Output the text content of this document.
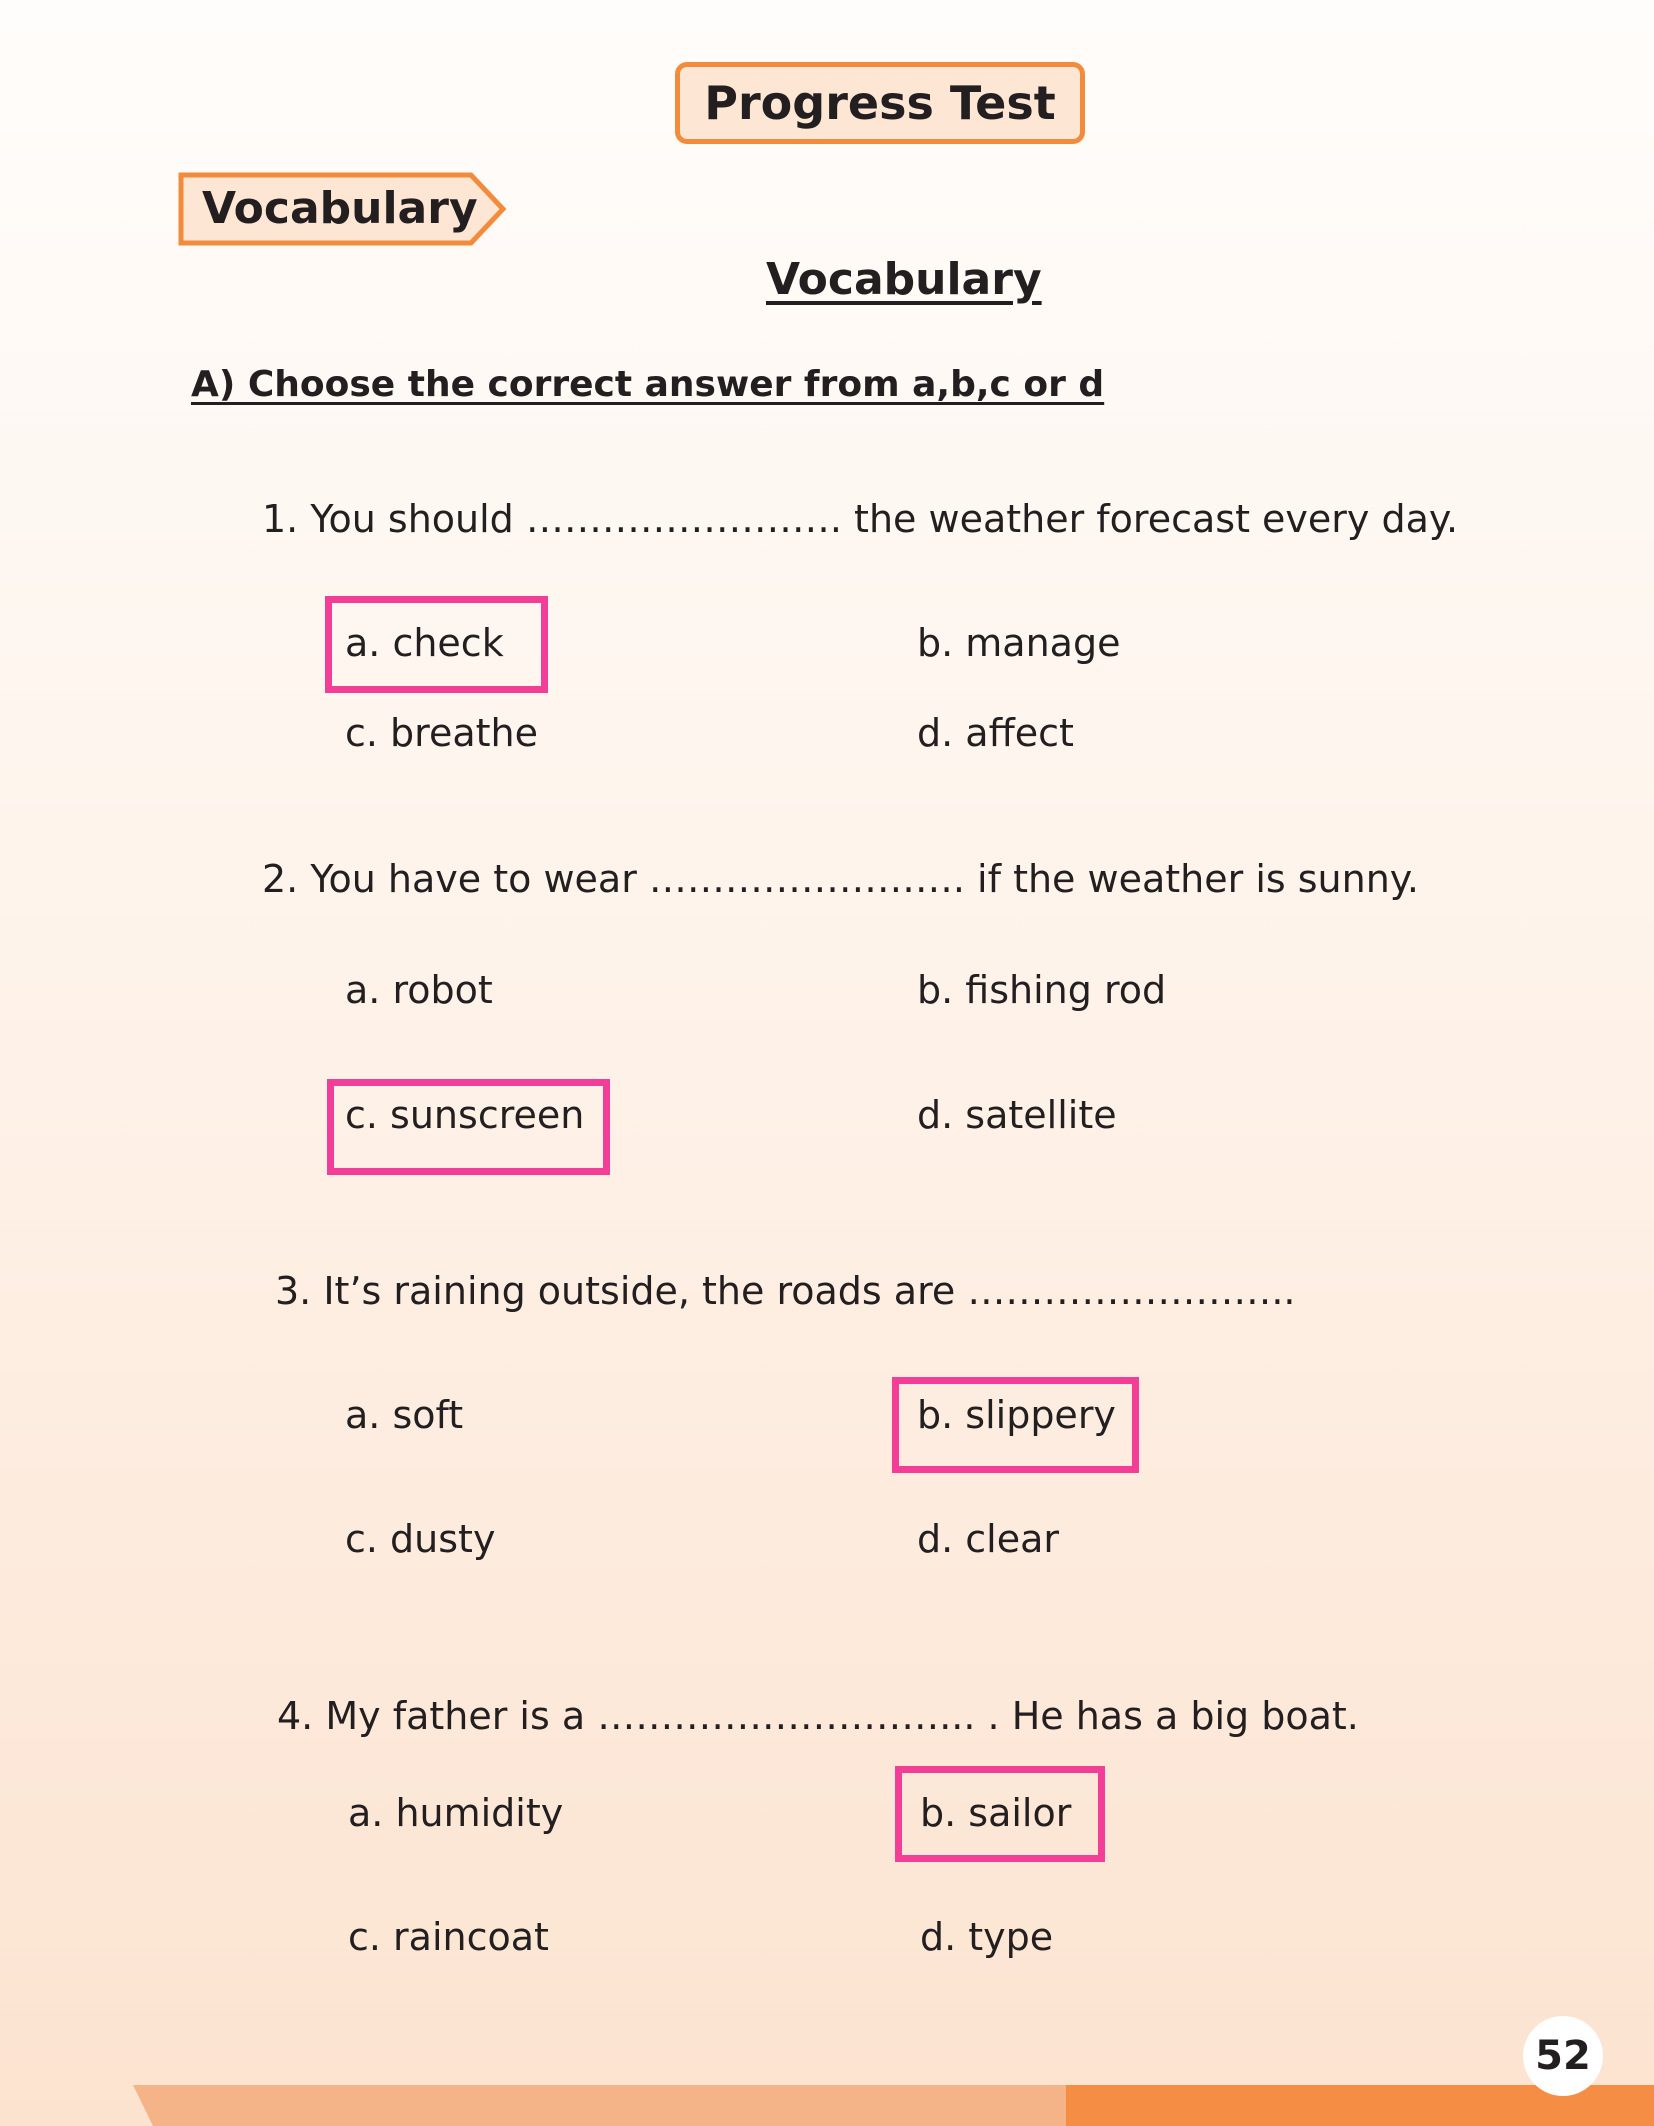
Progress Test
Vocabulary
Vocabulary
A) Choose the correct answer from a,b,c or d
1. You should ……………………. the weather forecast every day.
a. check	b. manage
c. breathe	d. affect
2. You have to wear ……………………. if the weather is sunny.
a. robot	b. fishing rod
c. sunscreen	d. satellite
3. It’s raining outside, the roads are ……………………..
a. soft	b. slippery
c. dusty	d. clear
4. My father is a ………………………... . He has a big boat.
a. humidity	b. sailor
c. raincoat	d. type
52
